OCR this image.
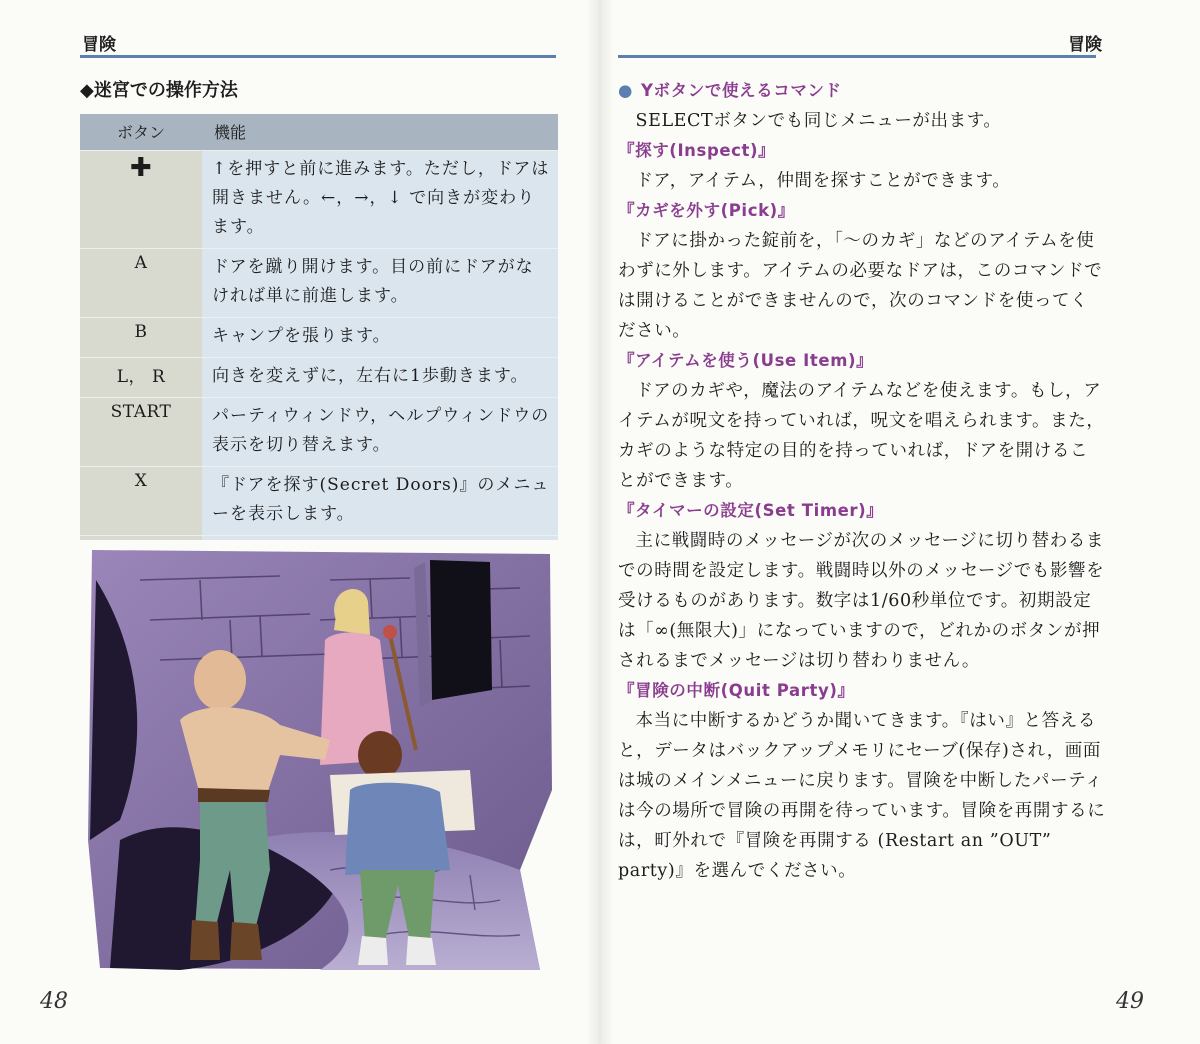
冒険
◆迷宮での操作方法
ボタン	機能
✚	↑を押すと前に進みます。ただし，ドアは開きません。←，→，↓ で向きが変わります。
A	ドアを蹴り開けます。目の前にドアがなければ単に前進します。
B	キャンプを張ります。
L， R	向きを変えずに，左右に1歩動きます。
START	パーティウィンドウ，ヘルプウィンドウの表示を切り替えます。
X	『ドアを探す(Secret Doors)』のメニューを表示します。

48
冒険
● Yボタンで使えるコマンド
SELECTボタンでも同じメニューが出ます。
『探す(Inspect)』
ドア，アイテム，仲間を探すことができます。
『カギを外す(Pick)』
ドアに掛かった錠前を，「～のカギ」などのアイテムを使わずに外します。アイテムの必要なドアは，このコマンドでは開けることができませんので，次のコマンドを使ってください。
『アイテムを使う(Use Item)』
ドアのカギや，魔法のアイテムなどを使えます。もし，アイテムが呪文を持っていれば，呪文を唱えられます。また，カギのような特定の目的を持っていれば，ドアを開けることができます。
『タイマーの設定(Set Timer)』
主に戦闘時のメッセージが次のメッセージに切り替わるまでの時間を設定します。戦闘時以外のメッセージでも影響を受けるものがあります。数字は1/60秒単位です。初期設定は「∞(無限大)」になっていますので，どれかのボタンが押されるまでメッセージは切り替わりません。
『冒険の中断(Quit Party)』
本当に中断するかどうか聞いてきます。『はい』と答えると，データはバックアップメモリにセーブ(保存)され，画面は城のメインメニューに戻ります。冒険を中断したパーティは今の場所で冒険の再開を待っています。冒険を再開するには，町外れで『冒険を再開する (Restart an ”OUT” party)』を選んでください。
49
